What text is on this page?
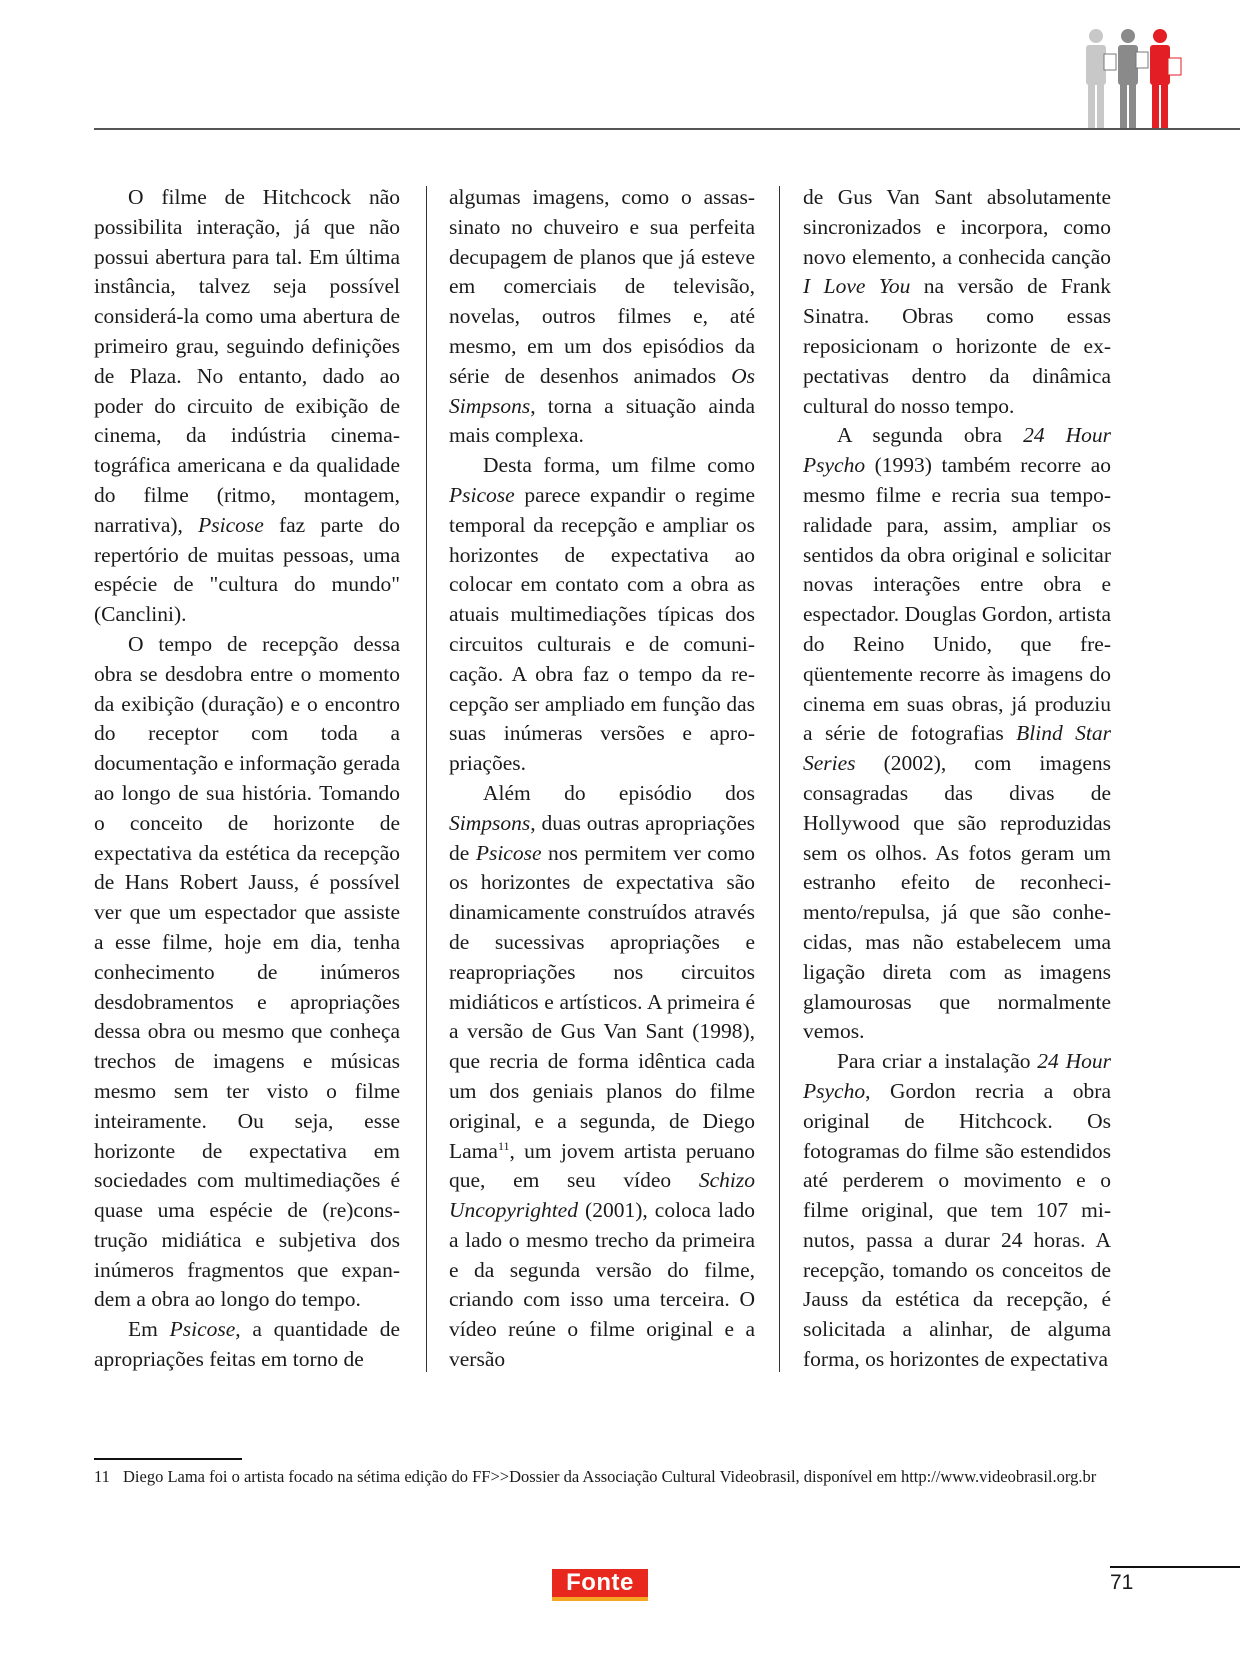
O filme de Hitchcock não possibilita interação, já que não possui abertura para tal. Em última instância, talvez seja possível considerá-la como uma abertura de primeiro grau, seguindo definições de Plaza. No entanto, dado ao poder do circuito de exibição de cinema, da indústria cinematográfica americana e da qualidade do filme (ritmo, montagem, narrativa), Psicose faz parte do repertório de muitas pessoas, uma espécie de "cultura do mundo" (Canclini).

O tempo de recepção dessa obra se desdobra entre o momento da exibição (duração) e o encontro do receptor com toda a documentação e informação gerada ao longo de sua história. Tomando o conceito de horizonte de expectativa da estética da recepção de Hans Robert Jauss, é possível ver que um espectador que assiste a esse filme, hoje em dia, tenha conhecimento de inúmeros desdobramentos e apropriações dessa obra ou mesmo que conheça trechos de imagens e músicas mesmo sem ter visto o filme inteiramente. Ou seja, esse horizonte de expectativa em sociedades com multimediações é quase uma espécie de (re)construção midiática e subjetiva dos inúmeros fragmentos que expandem a obra ao longo do tempo.

Em Psicose, a quantidade de apropriações feitas em torno de

algumas imagens, como o assassinato no chuveiro e sua perfeita decupagem de planos que já esteve em comerciais de televisão, novelas, outros filmes e, até mesmo, em um dos episódios da série de desenhos animados Os Simpsons, torna a situação ainda mais complexa.

Desta forma, um filme como Psicose parece expandir o regime temporal da recepção e ampliar os horizontes de expectativa ao colocar em contato com a obra as atuais multimediações típicas dos circuitos culturais e de comunicação. A obra faz o tempo da recepção ser ampliado em função das suas inúmeras versões e apropriações.

Além do episódio dos Simpsons, duas outras apropriações de Psicose nos permitem ver como os horizontes de expectativa são dinamicamente construídos através de sucessivas apropriações e reapropriações nos circuitos midiáticos e artísticos. A primeira é a versão de Gus Van Sant (1998), que recria de forma idêntica cada um dos geniais planos do filme original, e a segunda, de Diego Lama$^{11}$, um jovem artista peruano que, em seu vídeo Schizo Uncopyrighted (2001), coloca lado a lado o mesmo trecho da primeira e da segunda versão do filme, criando com isso uma terceira. O vídeo reúne o filme original e a versão

de Gus Van Sant absolutamente sincronizados e incorpora, como novo elemento, a conhecida canção I Love You na versão de Frank Sinatra. Obras como essas reposicionam o horizonte de expectativas dentro da dinâmica cultural do nosso tempo.

A segunda obra 24 Hour Psycho (1993) também recorre ao mesmo filme e recria sua temporalidade para, assim, ampliar os sentidos da obra original e solicitar novas interações entre obra e espectador. Douglas Gordon, artista do Reino Unido, que freqüentemente recorre às imagens do cinema em suas obras, já produziu a série de fotografias Blind Star Series (2002), com imagens consagradas das divas de Hollywood que são reproduzidas sem os olhos. As fotos geram um estranho efeito de reconhecimento/repulsa, já que são conhecidas, mas não estabelecem uma ligação direta com as imagens glamourosas que normalmente vemos.

Para criar a instalação 24 Hour Psycho, Gordon recria a obra original de Hitchcock. Os fotogramas do filme são estendidos até perderem o movimento e o filme original, que tem 107 minutos, passa a durar 24 horas. A recepção, tomando os conceitos de Jauss da estética da recepção, é solicitada a alinhar, de alguma forma, os horizontes de expectativa

11 Diego Lama foi o artista focado na sétima edição do FF>>Dossier da Associação Cultural Videobrasil, disponível em http://www.videobrasil.org.br
Fonte	71
